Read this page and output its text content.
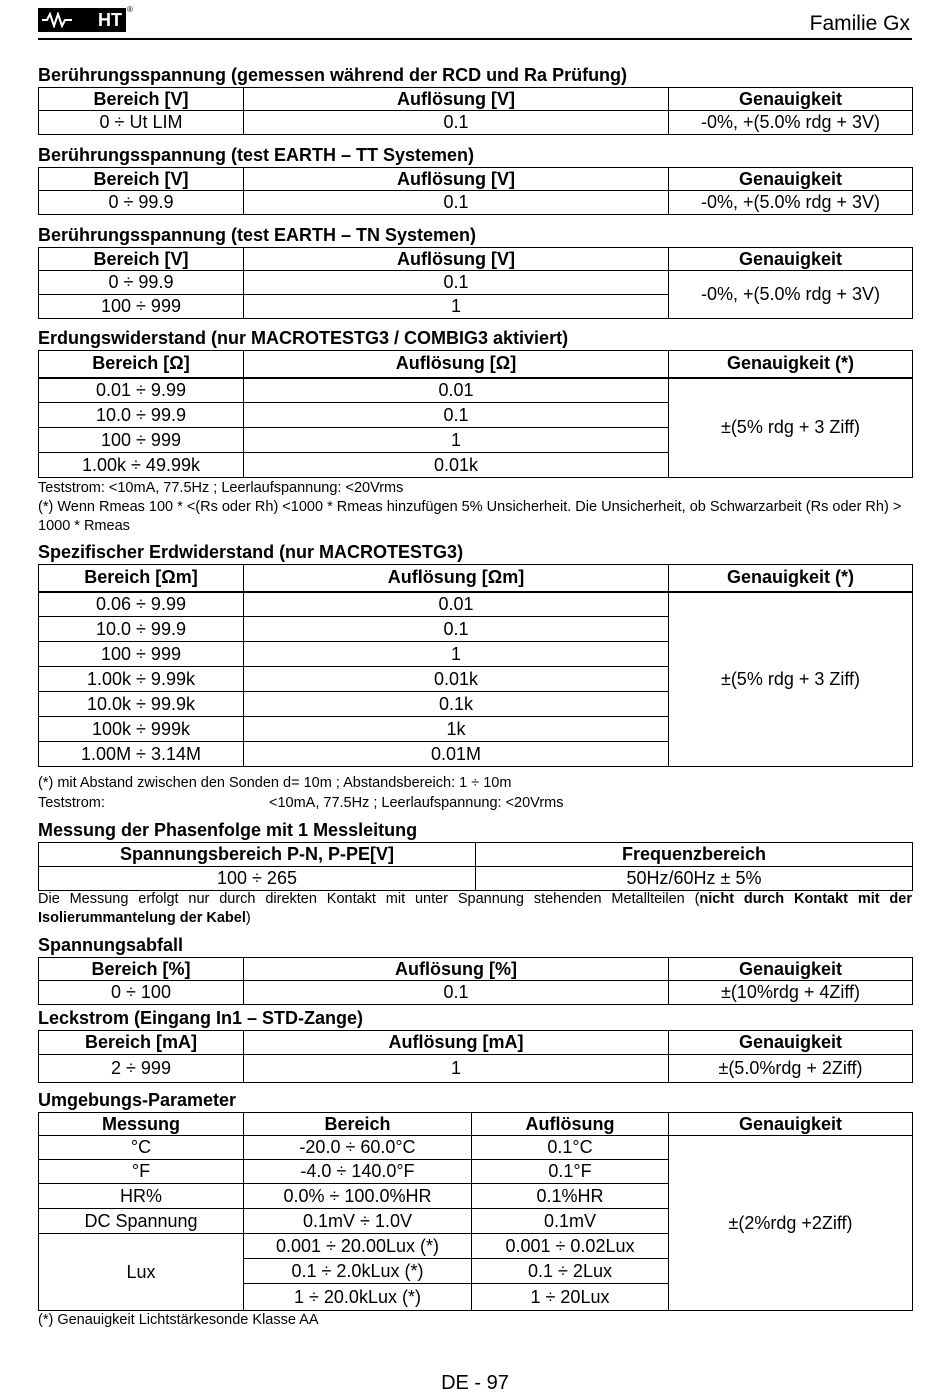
HT
®
Familie Gx
Berührungsspannung (gemessen während der RCD und Ra Prüfung)
Bereich [V]	Auflösung [V]	Genauigkeit
0 ÷ Ut LIM	0.1	-0%, +(5.0% rdg + 3V)
Berührungsspannung (test EARTH – TT Systemen)
Bereich [V]	Auflösung [V]	Genauigkeit
0 ÷ 99.9	0.1	-0%, +(5.0% rdg + 3V)
Berührungsspannung (test EARTH – TN Systemen)
Bereich [V]	Auflösung [V]	Genauigkeit
0 ÷ 99.9	0.1	-0%, +(5.0% rdg + 3V)
100 ÷ 999	1	
Erdungswiderstand (nur MACROTESTG3 / COMBIG3 aktiviert)
Bereich [Ω]	Auflösung [Ω]	Genauigkeit (*)
0.01 ÷ 9.99	0.01	±(5% rdg + 3 Ziff)
10.0 ÷ 99.9	0.1	
100 ÷ 999	1	
1.00k ÷ 49.99k	0.01k	
Teststrom: <10mA, 77.5Hz ; Leerlaufspannung: <20Vrms
(*) Wenn Rmeas 100 * <(Rs oder Rh) <1000 * Rmeas hinzufügen 5% Unsicherheit. Die Unsicherheit, ob Schwarzarbeit (Rs oder Rh) > 1000 * Rmeas
Spezifischer Erdwiderstand (nur MACROTESTG3)
Bereich [Ωm]	Auflösung [Ωm]	Genauigkeit (*)
0.06 ÷ 9.99	0.01	±(5% rdg + 3 Ziff)
10.0 ÷ 99.9	0.1	
100 ÷ 999	1	
1.00k ÷ 9.99k	0.01k	
10.0k ÷ 99.9k	0.1k	
100k ÷ 999k	1k	
1.00M ÷ 3.14M	0.01M	
(*) mit Abstand zwischen den Sonden d= 10m ; Abstandsbereich: 1 ÷ 10m
Teststrom:	<10mA, 77.5Hz ; Leerlaufspannung: <20Vrms
Messung der Phasenfolge mit 1 Messleitung
Spannungsbereich P-N, P-PE[V]	Frequenzbereich
100 ÷ 265	50Hz/60Hz ± 5%
Die Messung erfolgt nur durch direkten Kontakt mit unter Spannung stehenden Metallteilen (nicht durch Kontakt mit der Isolierummantelung der Kabel)
Spannungsabfall
Bereich [%]	Auflösung [%]	Genauigkeit
0 ÷ 100	0.1	±(10%rdg + 4Ziff)
Leckstrom (Eingang In1 – STD-Zange)
Bereich [mA]	Auflösung [mA]	Genauigkeit
2 ÷ 999	1	±(5.0%rdg + 2Ziff)
Umgebungs-Parameter
Messung	Bereich	Auflösung	Genauigkeit
°C	-20.0 ÷ 60.0°C	0.1°C	±(2%rdg +2Ziff)
°F	-4.0 ÷ 140.0°F	0.1°F	
HR%	0.0% ÷ 100.0%HR	0.1%HR	
DC Spannung	0.1mV ÷ 1.0V	0.1mV	
Lux	0.001 ÷ 20.00Lux (*)	0.001 ÷ 0.02Lux	
	0.1 ÷ 2.0kLux (*)	0.1 ÷ 2Lux	
	1 ÷ 20.0kLux (*)	1 ÷ 20Lux	
(*) Genauigkeit Lichtstärkesonde Klasse AA
DE - 97
